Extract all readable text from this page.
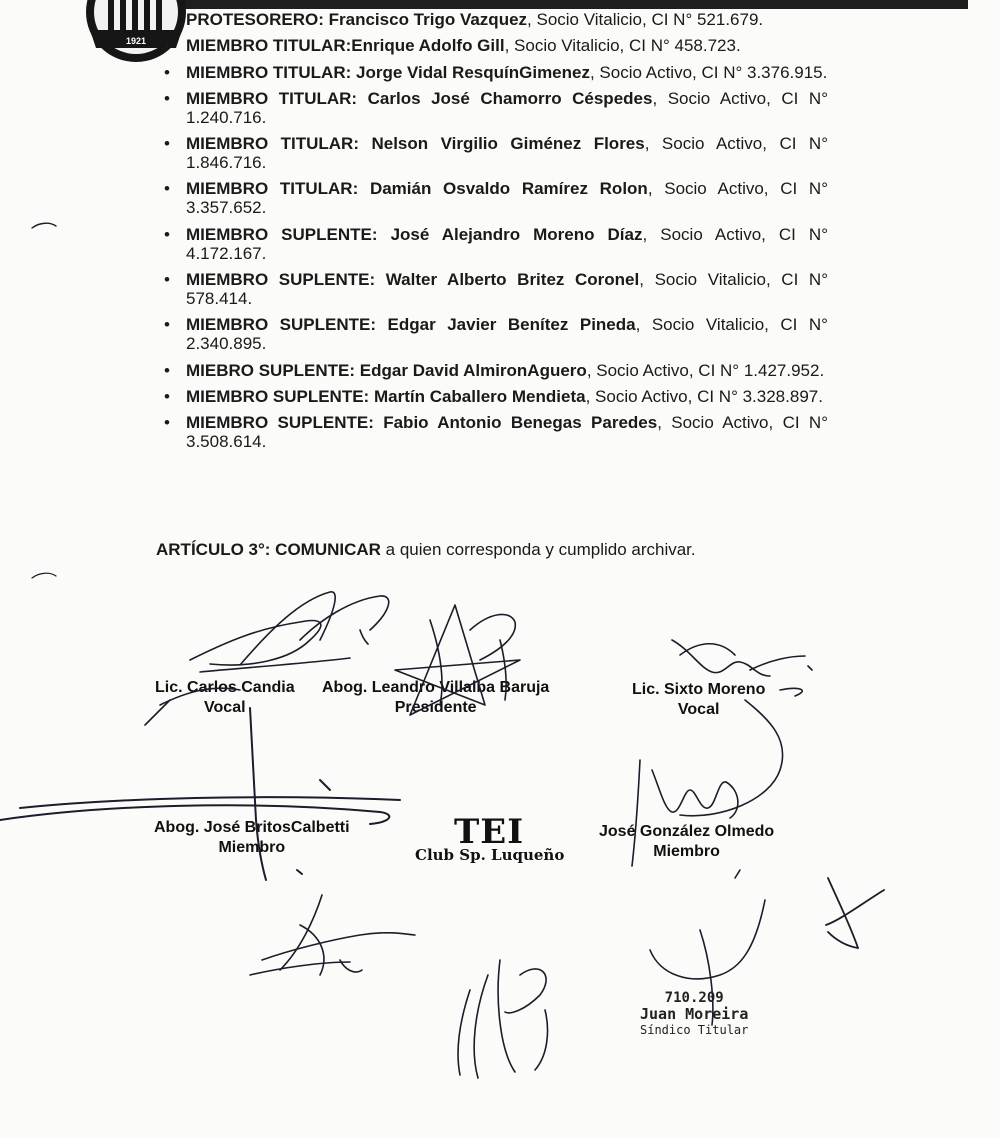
1921
PROTESORERO: Francisco Trigo Vazquez, Socio Vitalicio, CI N° 521.679.
• MIEMBRO TITULAR:Enrique Adolfo Gill, Socio Vitalicio, CI N° 458.723.
• MIEMBRO TITULAR: Jorge Vidal ResquínGimenez, Socio Activo, CI N° 3.376.915.
• MIEMBRO TITULAR: Carlos José Chamorro Céspedes, Socio Activo, CI N° 1.240.716.
• MIEMBRO TITULAR: Nelson Virgilio Giménez Flores, Socio Activo, CI N° 1.846.716.
• MIEMBRO TITULAR: Damián Osvaldo Ramírez Rolon, Socio Activo, CI N° 3.357.652.
• MIEMBRO SUPLENTE: José Alejandro Moreno Díaz, Socio Activo, CI N° 4.172.167.
• MIEMBRO SUPLENTE: Walter Alberto Britez Coronel, Socio Vitalicio, CI N° 578.414.
• MIEMBRO SUPLENTE: Edgar Javier Benítez Pineda, Socio Vitalicio, CI N° 2.340.895.
• MIEBRO SUPLENTE: Edgar David AlmironAguero, Socio Activo, CI N° 1.427.952.
• MIEMBRO SUPLENTE: Martín Caballero Mendieta, Socio Activo, CI N° 3.328.897.
• MIEMBRO SUPLENTE: Fabio Antonio Benegas Paredes, Socio Activo, CI N° 3.508.614.
ARTÍCULO 3°: COMUNICAR a quien corresponda y cumplido archivar.
Lic. Carlos Candia
Vocal
Abog. Leandro Villalba Baruja
Presidente
Lic. Sixto Moreno
Vocal
Abog. José BritosCalbetti
Miembro
José González Olmedo
Miembro
TEI
Club Sp. Luqueño
710.209
Juan Moreira
Síndico Titular
